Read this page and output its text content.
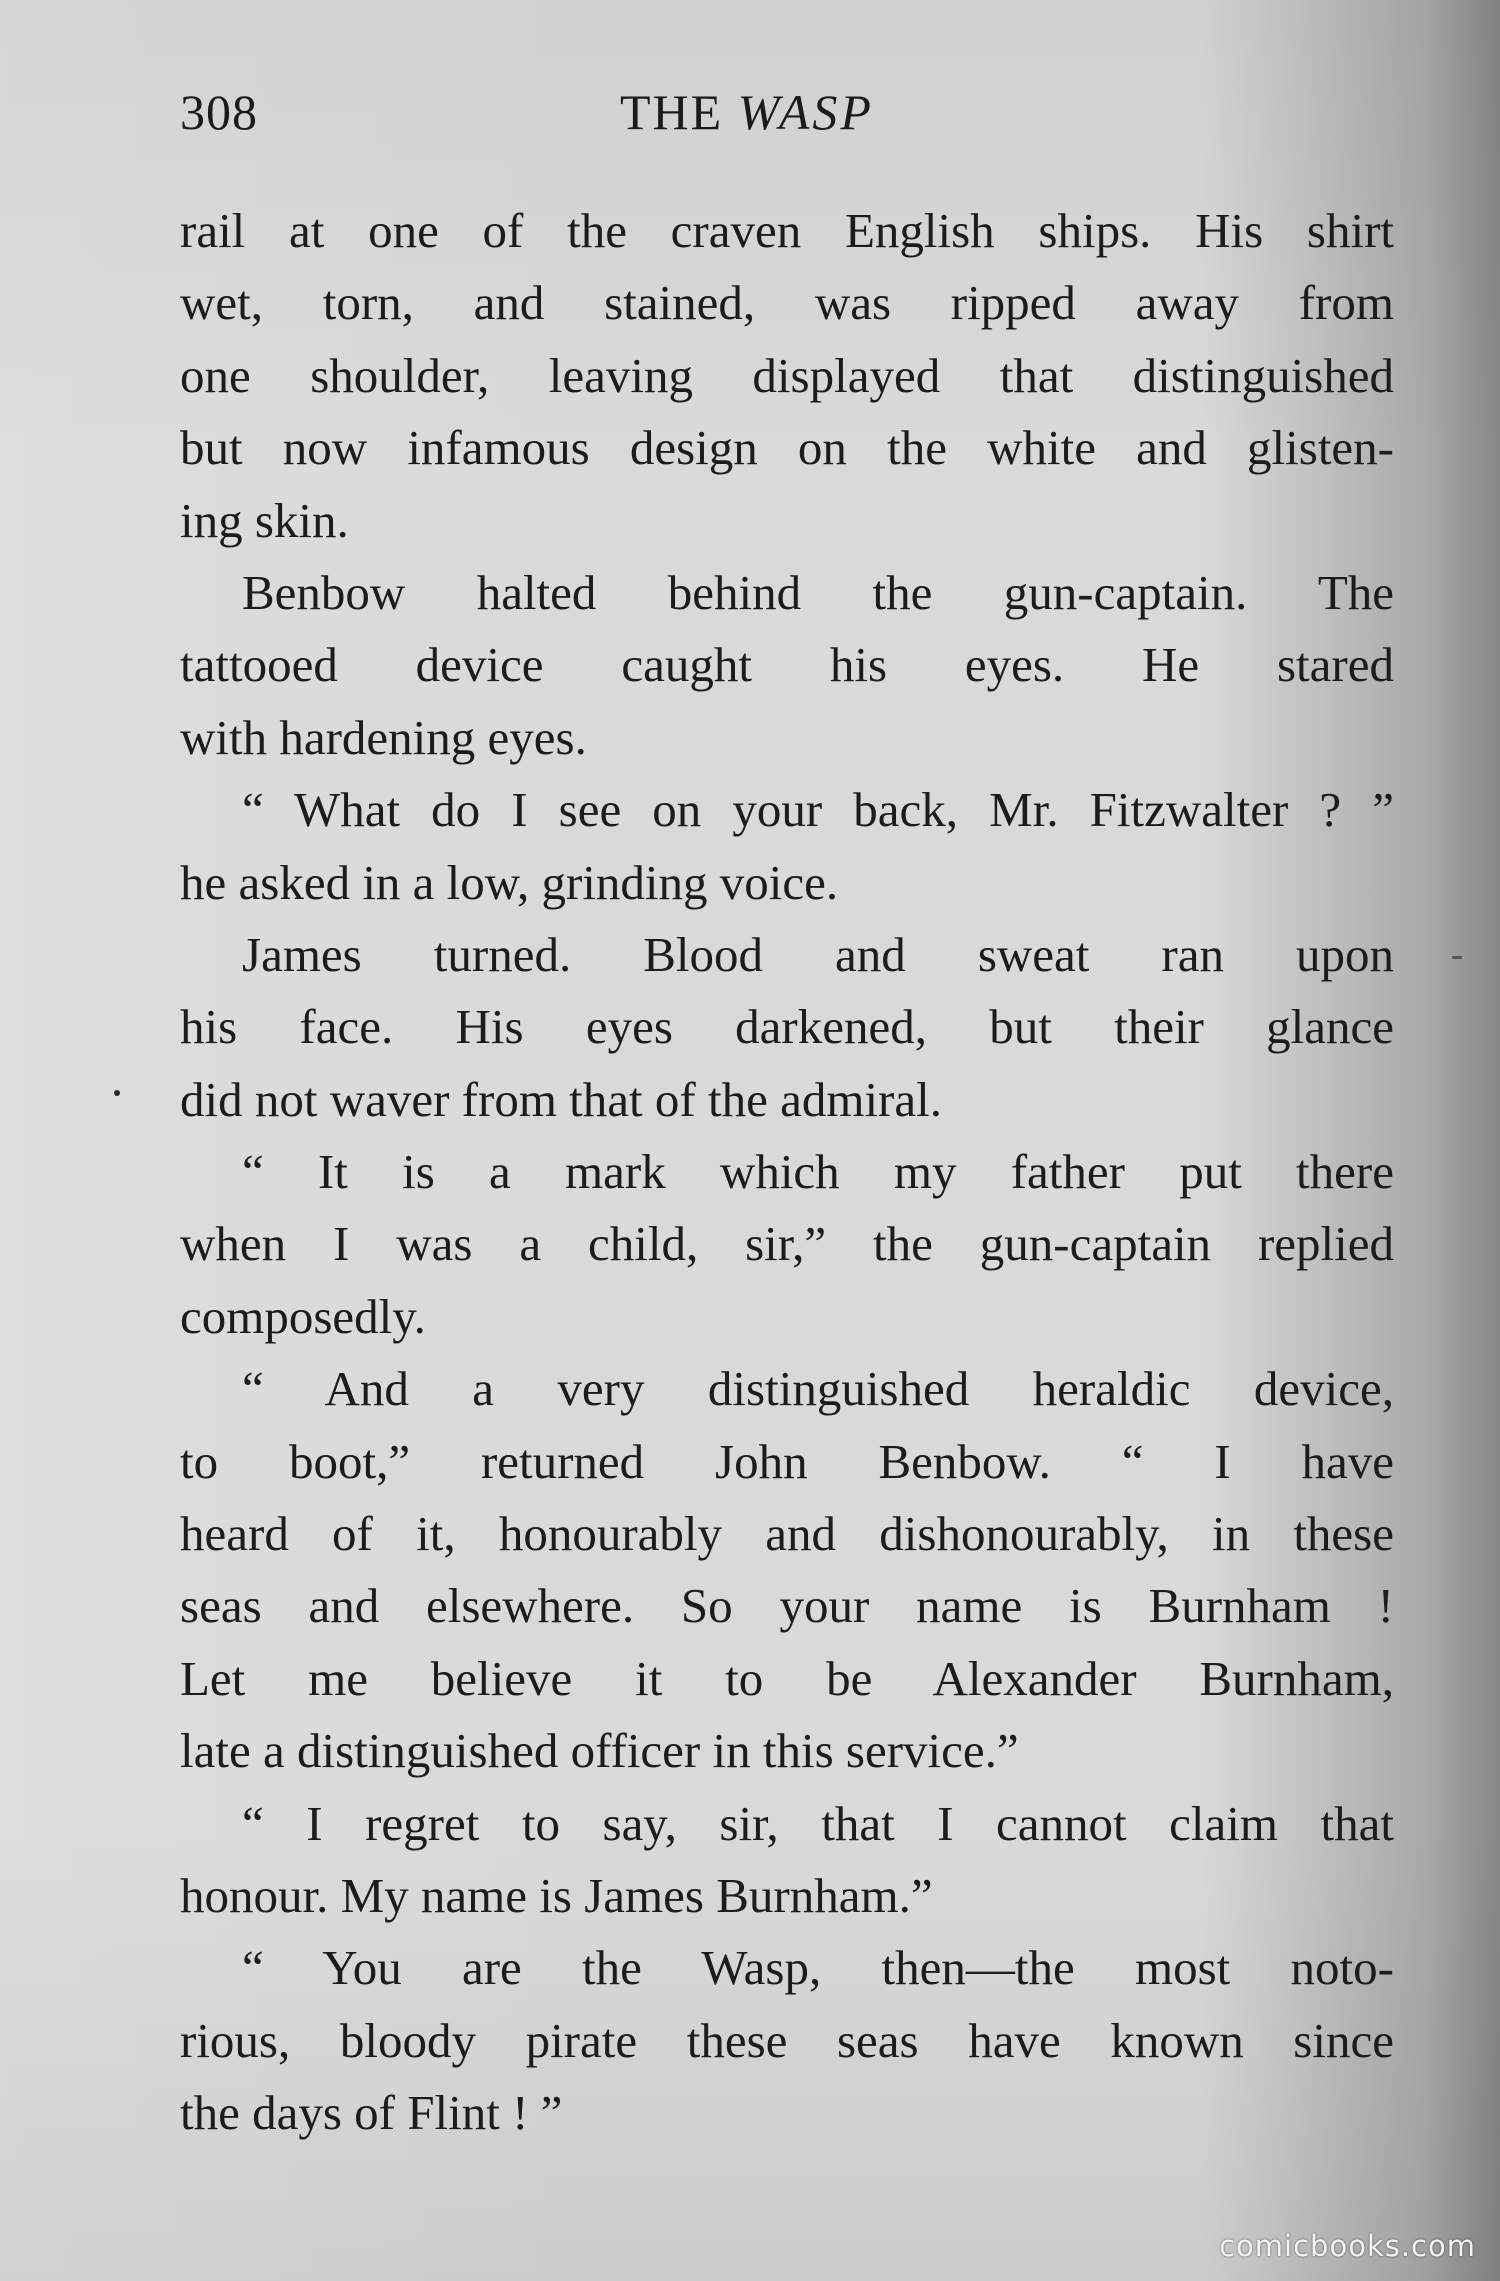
308	THE WASP
rail at one of the craven English ships. His shirt
wet, torn, and stained, was ripped away from
one shoulder, leaving displayed that distinguished
but now infamous design on the white and glisten-
ing skin.
Benbow halted behind the gun-captain. The
tattooed device caught his eyes. He stared
with hardening eyes.
“ What do I see on your back, Mr. Fitzwalter ? ”
he asked in a low, grinding voice.
James turned. Blood and sweat ran upon
his face. His eyes darkened, but their glance
did not waver from that of the admiral.
“ It is a mark which my father put there
when I was a child, sir,” the gun-captain replied
composedly.
“ And a very distinguished heraldic device,
to boot,” returned John Benbow. “ I have
heard of it, honourably and dishonourably, in these
seas and elsewhere. So your name is Burnham !
Let me believe it to be Alexander Burnham,
late a distinguished officer in this service.”
“ I regret to say, sir, that I cannot claim that
honour. My name is James Burnham.”
“ You are the Wasp, then—the most noto-
rious, bloody pirate these seas have known since
the days of Flint ! ”
comicbooks.com
